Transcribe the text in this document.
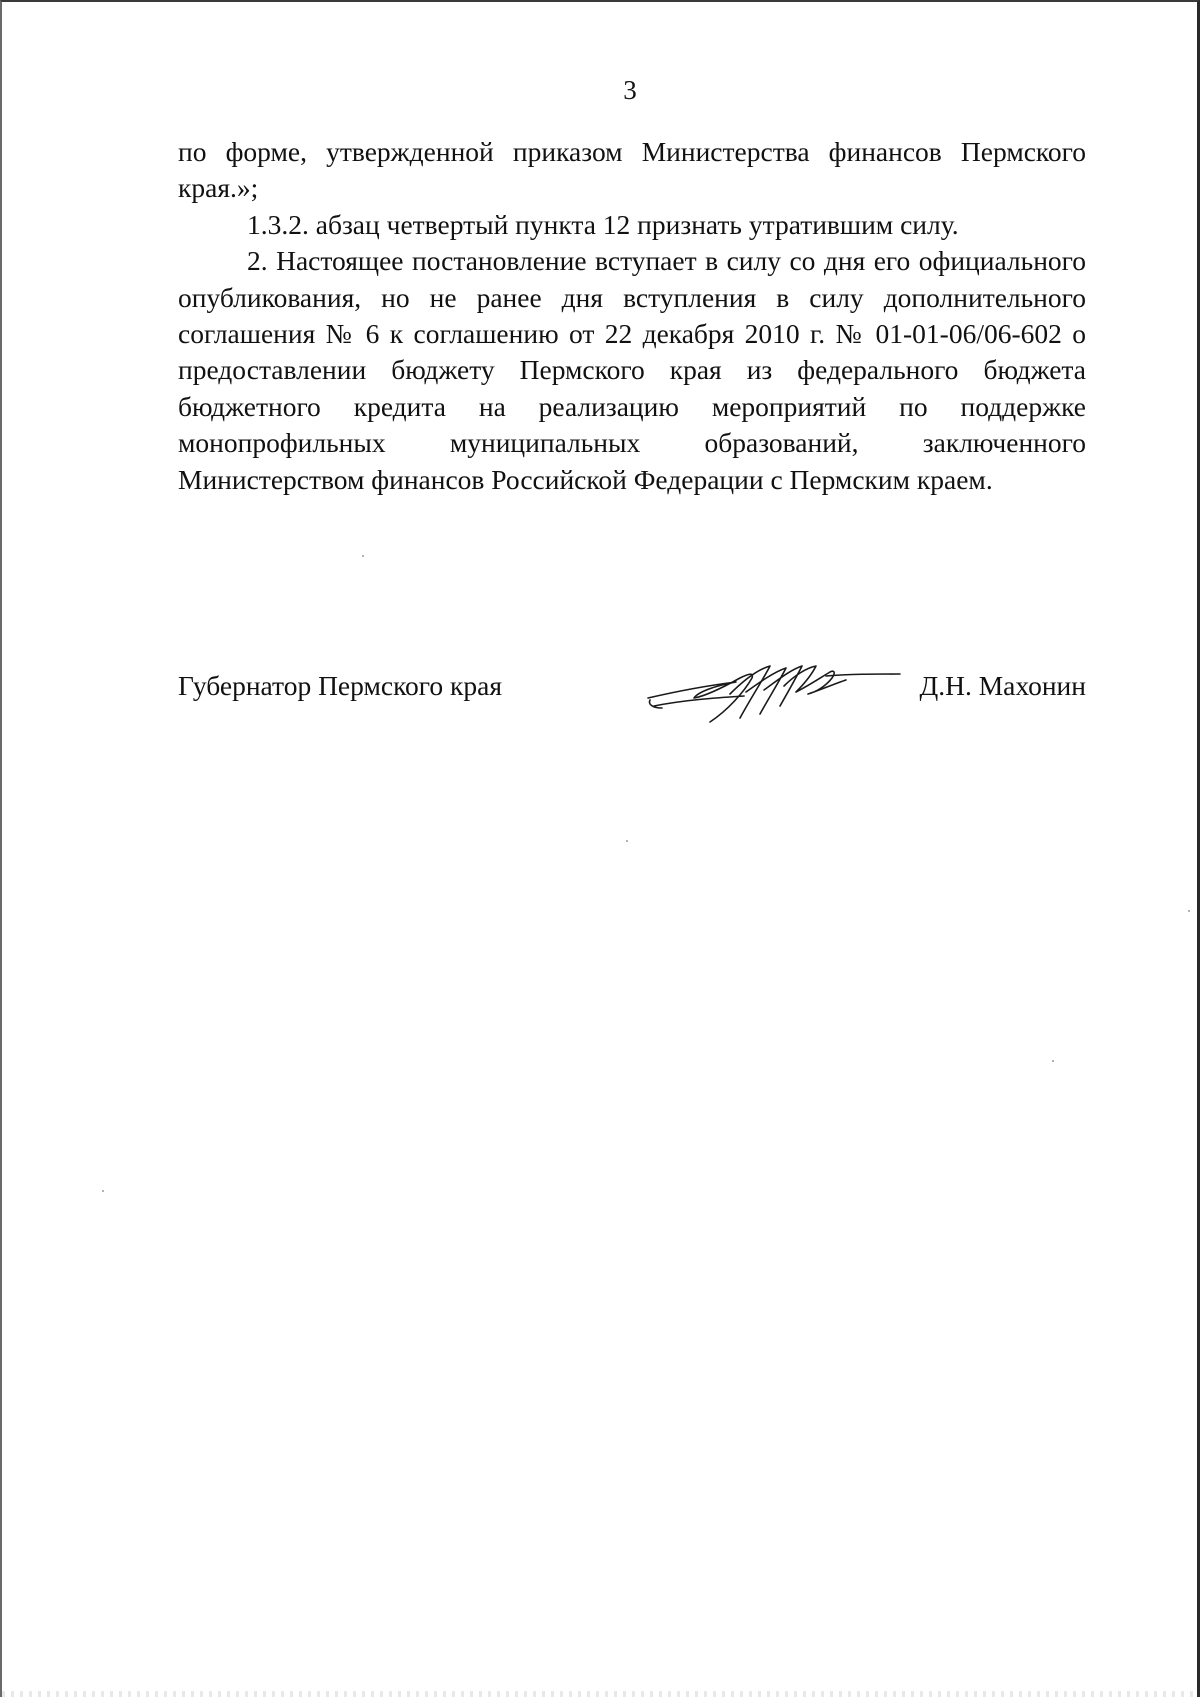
3

по форме, утвержденной приказом Министерства финансов Пермского края.»;

1.3.2. абзац четвертый пункта 12 признать утратившим силу.

2. Настоящее постановление вступает в силу со дня его официального опубликования, но не ранее дня вступления в силу дополнительного соглашения № 6 к соглашению от 22 декабря 2010 г. № 01-01-06/06-602 о предоставлении бюджету Пермского края из федерального бюджета бюджетного кредита на реализацию мероприятий по поддержке монопрофильных муниципальных образований, заключенного Министерством финансов Российской Федерации с Пермским краем.

Губернатор Пермского края	Д.Н. Махонин
